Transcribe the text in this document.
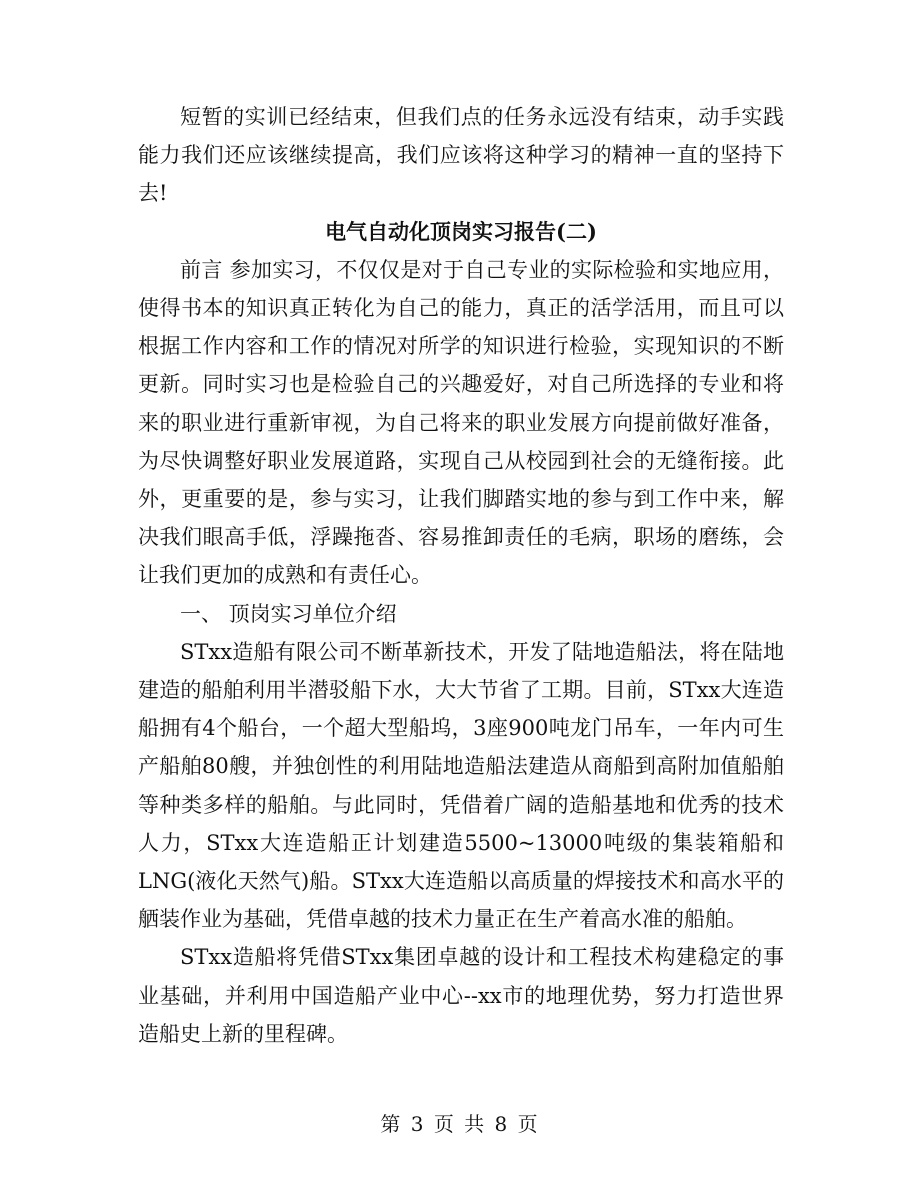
短暂的实训已经结束，但我们点的任务永远没有结束，动手实践能力我们还应该继续提高，我们应该将这种学习的精神一直的坚持下去!

电气自动化顶岗实习报告(二)

前言 参加实习，不仅仅是对于自己专业的实际检验和实地应用，使得书本的知识真正转化为自己的能力，真正的活学活用，而且可以根据工作内容和工作的情况对所学的知识进行检验，实现知识的不断更新。同时实习也是检验自己的兴趣爱好，对自己所选择的专业和将来的职业进行重新审视，为自己将来的职业发展方向提前做好准备，为尽快调整好职业发展道路，实现自己从校园到社会的无缝衔接。此外，更重要的是，参与实习，让我们脚踏实地的参与到工作中来，解决我们眼高手低，浮躁拖沓、容易推卸责任的毛病，职场的磨练，会让我们更加的成熟和有责任心。

一、 顶岗实习单位介绍

STxx造船有限公司不断革新技术，开发了陆地造船法，将在陆地建造的船舶利用半潜驳船下水，大大节省了工期。目前，STxx大连造船拥有4个船台，一个超大型船坞，3座900吨龙门吊车，一年内可生产船舶80艘，并独创性的利用陆地造船法建造从商船到高附加值船舶等种类多样的船舶。与此同时，凭借着广阔的造船基地和优秀的技术人力，STxx大连造船正计划建造5500~13000吨级的集装箱船和LNG(液化天然气)船。STxx大连造船以高质量的焊接技术和高水平的舾装作业为基础，凭借卓越的技术力量正在生产着高水准的船舶。

STxx造船将凭借STxx集团卓越的设计和工程技术构建稳定的事业基础，并利用中国造船产业中心--xx市的地理优势，努力打造世界造船史上新的里程碑。

第 3 页 共 8 页
